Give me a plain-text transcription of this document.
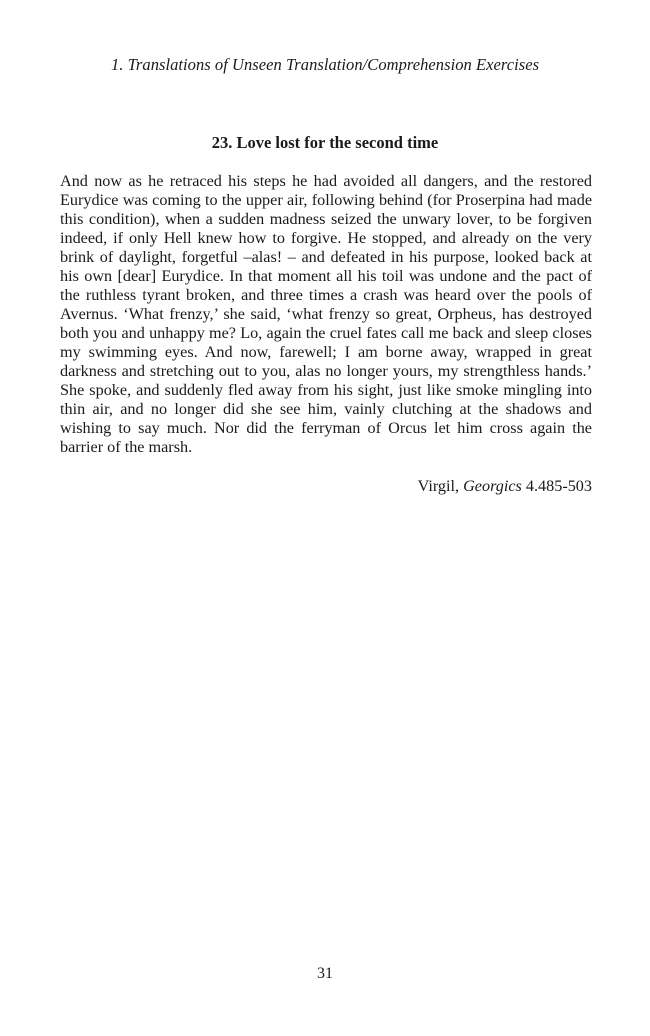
1. Translations of Unseen Translation/Comprehension Exercises
23. Love lost for the second time

And now as he retraced his steps he had avoided all dangers, and the restored Eurydice was coming to the upper air, following behind (for Proserpina had made this condition), when a sudden madness seized the unwary lover, to be forgiven indeed, if only Hell knew how to forgive. He stopped, and already on the very brink of daylight, forgetful –alas! – and defeated in his purpose, looked back at his own [dear] Eurydice. In that moment all his toil was undone and the pact of the ruthless tyrant broken, and three times a crash was heard over the pools of Avernus. ‘What frenzy,’ she said, ‘what frenzy so great, Orpheus, has destroyed both you and unhappy me? Lo, again the cruel fates call me back and sleep closes my swimming eyes. And now, farewell; I am borne away, wrapped in great darkness and stretching out to you, alas no longer yours, my strengthless hands.’ She spoke, and suddenly fled away from his sight, just like smoke mingling into thin air, and no longer did she see him, vainly clutching at the shadows and wishing to say much. Nor did the ferryman of Orcus let him cross again the barrier of the marsh.

Virgil, Georgics 4.485-503
31
